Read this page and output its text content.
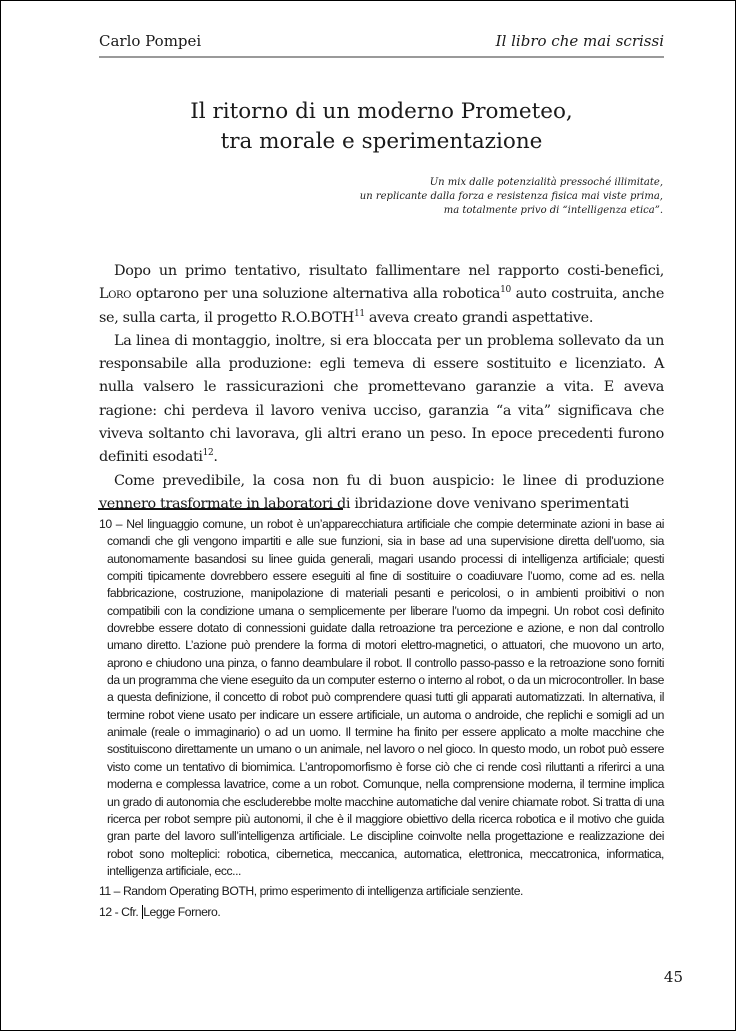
Carlo Pompei	Il libro che mai scrissi
Il ritorno di un moderno Prometeo,
tra morale e sperimentazione
Un mix dalle potenzialità pressoché illimitate,
un replicante dalla forza e resistenza fisica mai viste prima,
ma totalmente privo di “intelligenza etica”.

Dopo un primo tentativo, risultato fallimentare nel rapporto costi-benefici, Loro optarono per una soluzione alternativa alla robotica$^{10}$ auto costruita, anche se, sulla carta, il progetto R.O.BOTH$^{11}$ aveva creato grandi aspettative.

La linea di montaggio, inoltre, si era bloccata per un problema sollevato da un responsabile alla produzione: egli temeva di essere sostituito e licenziato. A nulla valsero le rassicurazioni che promettevano garanzie a vita. E aveva ragione: chi perdeva il lavoro veniva ucciso, garanzia “a vita” significava che viveva soltanto chi lavorava, gli altri erano un peso. In epoce precedenti furono definiti esodati$^{12}$.

Come prevedibile, la cosa non fu di buon auspicio: le linee di produzione vennero trasformate in laboratori di ibridazione dove venivano sperimentati

10 – Nel linguaggio comune, un robot è un’apparecchiatura artificiale che compie determinate azioni in base ai comandi che gli vengono impartiti e alle sue funzioni, sia in base ad una supervisione diretta dell’uomo, sia autonomamente basandosi su linee guida generali, magari usando processi di intelligenza artificiale; questi compiti tipicamente dovrebbero essere eseguiti al fine di sostituire o coadiuvare l’uomo, come ad es. nella fabbricazione, costruzione, manipolazione di materiali pesanti e pericolosi, o in ambienti proibitivi o non compatibili con la condizione umana o semplicemente per liberare l’uomo da impegni. Un robot così definito dovrebbe essere dotato di connessioni guidate dalla retroazione tra percezione e azione, e non dal controllo umano diretto. L’azione può prendere la forma di motori elettro-magnetici, o attuatori, che muovono un arto, aprono e chiudono una pinza, o fanno deambulare il robot. Il controllo passo-passo e la retroazione sono forniti da un programma che viene eseguito da un computer esterno o interno al robot, o da un microcontroller. In base a questa definizione, il concetto di robot può comprendere quasi tutti gli apparati automatizzati. In alternativa, il termine robot viene usato per indicare un essere artificiale, un automa o androide, che replichi e somigli ad un animale (reale o immaginario) o ad un uomo. Il termine ha finito per essere applicato a molte macchine che sostituiscono direttamente un umano o un animale, nel lavoro o nel gioco. In questo modo, un robot può essere visto come un tentativo di biomimica. L’antropomorfismo è forse ciò che ci rende così riluttanti a riferirci a una moderna e complessa lavatrice, come a un robot. Comunque, nella comprensione moderna, il termine implica un grado di autonomia che escluderebbe molte macchine automatiche dal venire chiamate robot. Si tratta di una ricerca per robot sempre più autonomi, il che è il maggiore obiettivo della ricerca robotica e il motivo che guida gran parte del lavoro sull’intelligenza artificiale. Le discipline coinvolte nella progettazione e realizzazione dei robot sono molteplici: robotica, cibernetica, meccanica, automatica, elettronica, meccatronica, informatica, intelligenza artificiale, ecc...

11 – Random Operating BOTH, primo esperimento di intelligenza artificiale senziente.

12 - Cfr. Legge Fornero.

45
